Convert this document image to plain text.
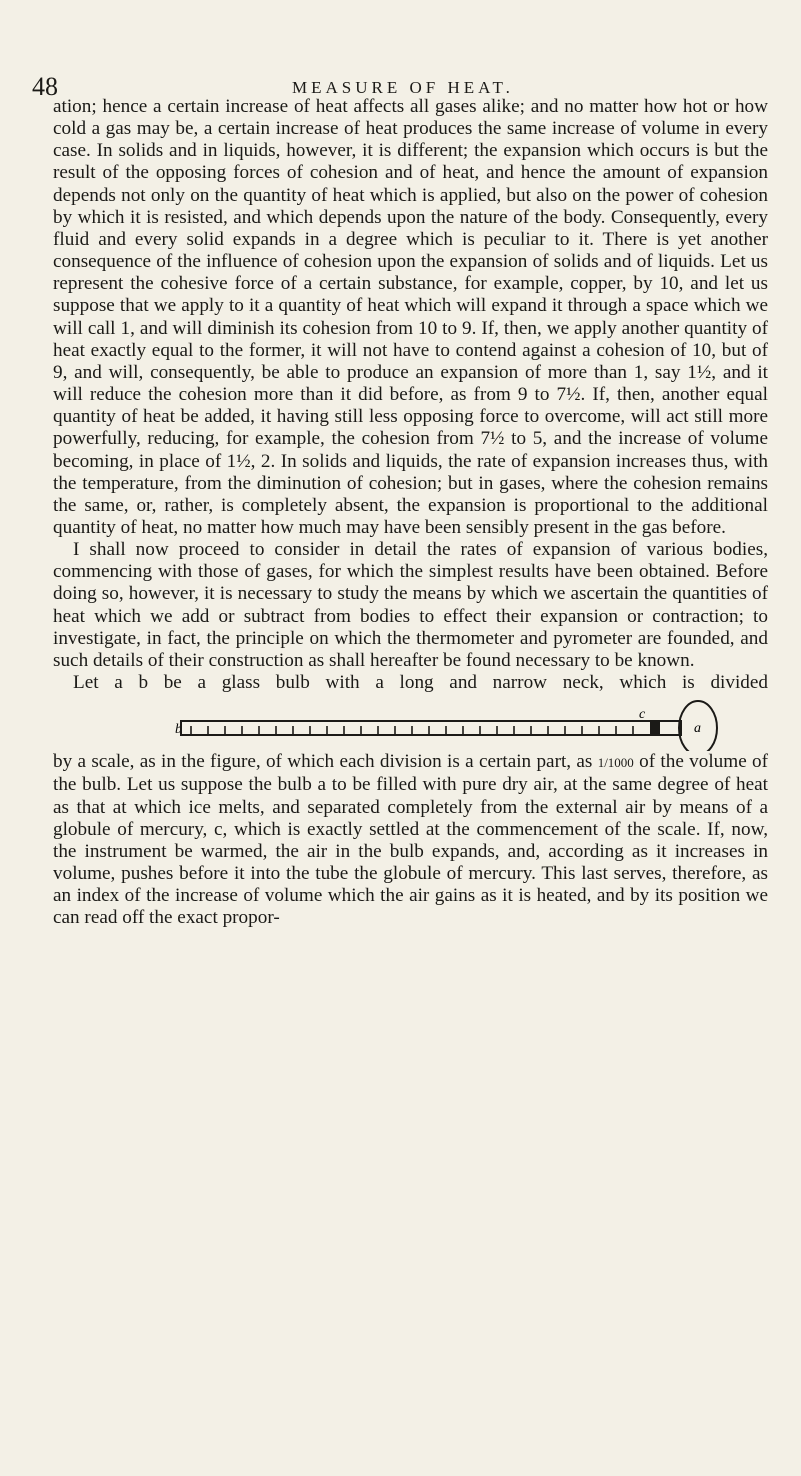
48	MEASURE OF HEAT.

ation; hence a certain increase of heat affects all gases alike; and no matter how hot or how cold a gas may be, a certain increase of heat produces the same increase of volume in every case. In solids and in liquids, however, it is different; the expansion which occurs is but the result of the opposing forces of cohesion and of heat, and hence the amount of expansion depends not only on the quantity of heat which is applied, but also on the power of cohesion by which it is resisted, and which depends upon the nature of the body. Consequently, every fluid and every solid expands in a degree which is peculiar to it. There is yet another consequence of the influence of cohesion upon the expansion of solids and of liquids. Let us represent the cohesive force of a certain substance, for example, copper, by 10, and let us suppose that we apply to it a quantity of heat which will expand it through a space which we will call 1, and will diminish its cohesion from 10 to 9. If, then, we apply another quantity of heat exactly equal to the former, it will not have to contend against a cohesion of 10, but of 9, and will, consequently, be able to produce an expansion of more than 1, say 1½, and it will reduce the cohesion more than it did before, as from 9 to 7½. If, then, another equal quantity of heat be added, it having still less opposing force to overcome, will act still more powerfully, reducing, for example, the cohesion from 7½ to 5, and the increase of volume becoming, in place of 1½, 2. In solids and liquids, the rate of expansion increases thus, with the temperature, from the diminution of cohesion; but in gases, where the cohesion remains the same, or, rather, is completely absent, the expansion is proportional to the additional quantity of heat, no matter how much may have been sensibly present in the gas before.

I shall now proceed to consider in detail the rates of expansion of various bodies, commencing with those of gases, for which the simplest results have been obtained. Before doing so, however, it is necessary to study the means by which we ascertain the quantities of heat which we add or subtract from bodies to effect their expansion or contraction; to investigate, in fact, the principle on which the thermometer and pyrometer are founded, and such details of their construction as shall hereafter be found necessary to be known.

Let a b be a glass bulb with a long and narrow neck, which is divided

b
c
a

by a scale, as in the figure, of which each division is a certain part, as 1/1000 of the volume of the bulb. Let us suppose the bulb a to be filled with pure dry air, at the same degree of heat as that at which ice melts, and separated completely from the external air by means of a globule of mercury, c, which is exactly settled at the commencement of the scale. If, now, the instrument be warmed, the air in the bulb expands, and, according as it increases in volume, pushes before it into the tube the globule of mercury. This last serves, therefore, as an index of the increase of volume which the air gains as it is heated, and by its position we can read off the exact propor-
